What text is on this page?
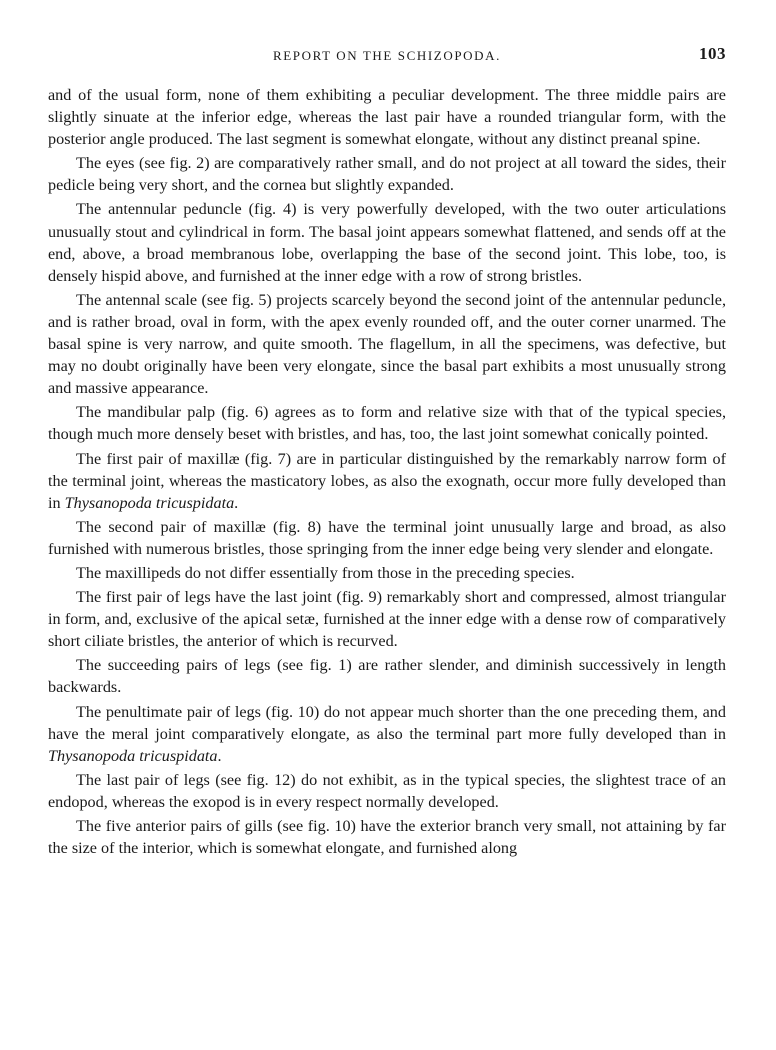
REPORT ON THE SCHIZOPODA.	103

and of the usual form, none of them exhibiting a peculiar development. The three middle pairs are slightly sinuate at the inferior edge, whereas the last pair have a rounded triangular form, with the posterior angle produced. The last segment is somewhat elongate, without any distinct preanal spine.

The eyes (see fig. 2) are comparatively rather small, and do not project at all toward the sides, their pedicle being very short, and the cornea but slightly expanded.

The antennular peduncle (fig. 4) is very powerfully developed, with the two outer articulations unusually stout and cylindrical in form. The basal joint appears somewhat flattened, and sends off at the end, above, a broad membranous lobe, overlapping the base of the second joint. This lobe, too, is densely hispid above, and furnished at the inner edge with a row of strong bristles.

The antennal scale (see fig. 5) projects scarcely beyond the second joint of the antennular peduncle, and is rather broad, oval in form, with the apex evenly rounded off, and the outer corner unarmed. The basal spine is very narrow, and quite smooth. The flagellum, in all the specimens, was defective, but may no doubt originally have been very elongate, since the basal part exhibits a most unusually strong and massive appearance.

The mandibular palp (fig. 6) agrees as to form and relative size with that of the typical species, though much more densely beset with bristles, and has, too, the last joint somewhat conically pointed.

The first pair of maxillæ (fig. 7) are in particular distinguished by the remarkably narrow form of the terminal joint, whereas the masticatory lobes, as also the exognath, occur more fully developed than in Thysanopoda tricuspidata.

The second pair of maxillæ (fig. 8) have the terminal joint unusually large and broad, as also furnished with numerous bristles, those springing from the inner edge being very slender and elongate.

The maxillipeds do not differ essentially from those in the preceding species.

The first pair of legs have the last joint (fig. 9) remarkably short and compressed, almost triangular in form, and, exclusive of the apical setæ, furnished at the inner edge with a dense row of comparatively short ciliate bristles, the anterior of which is recurved.

The succeeding pairs of legs (see fig. 1) are rather slender, and diminish successively in length backwards.

The penultimate pair of legs (fig. 10) do not appear much shorter than the one preceding them, and have the meral joint comparatively elongate, as also the terminal part more fully developed than in Thysanopoda tricuspidata.

The last pair of legs (see fig. 12) do not exhibit, as in the typical species, the slightest trace of an endopod, whereas the exopod is in every respect normally developed.

The five anterior pairs of gills (see fig. 10) have the exterior branch very small, not attaining by far the size of the interior, which is somewhat elongate, and furnished along
